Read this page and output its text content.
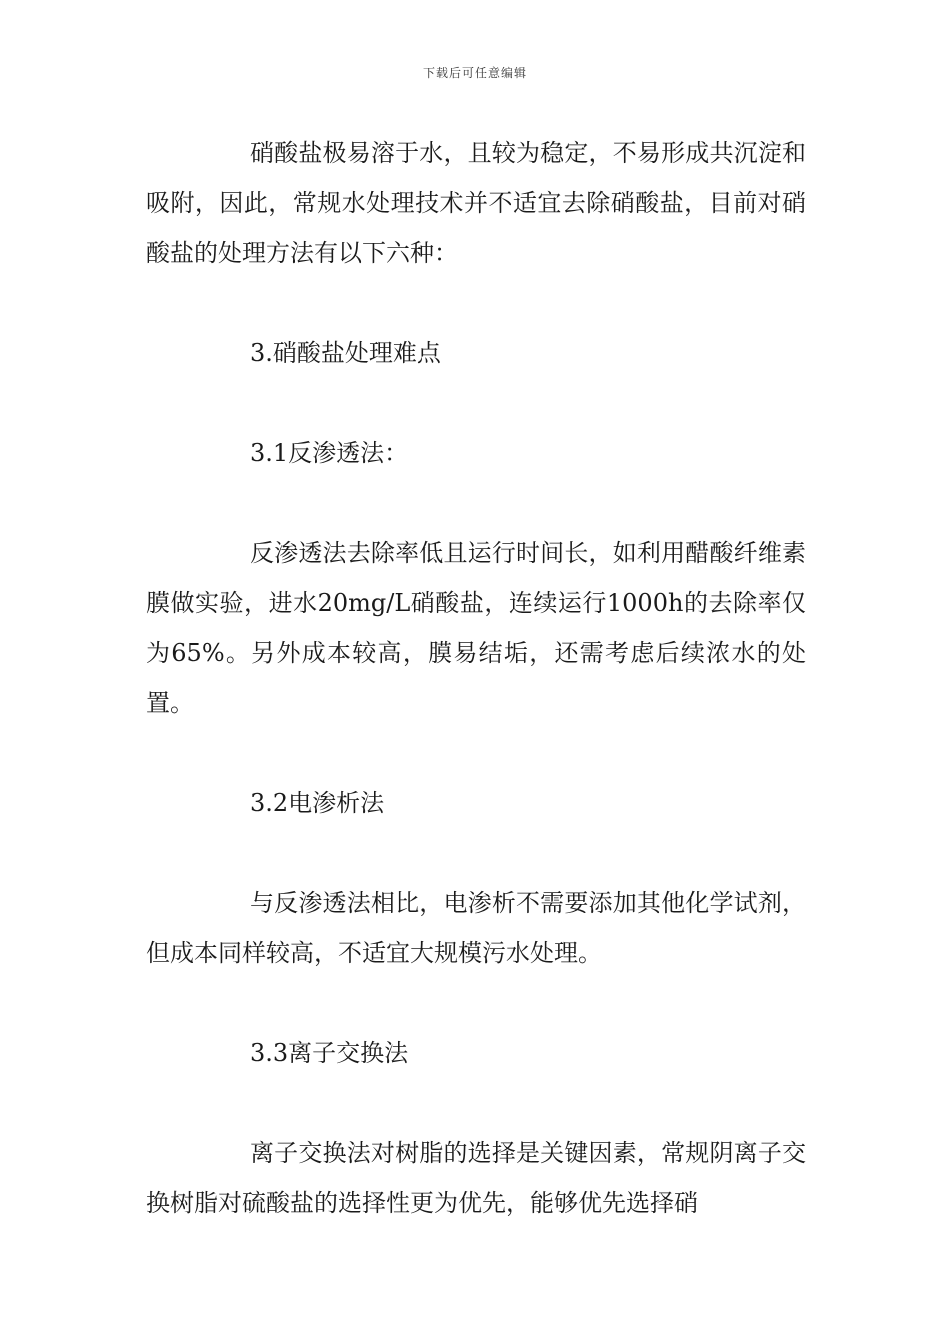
下载后可任意编辑

硝酸盐极易溶于水，且较为稳定，不易形成共沉淀和吸附，因此，常规水处理技术并不适宜去除硝酸盐，目前对硝酸盐的处理方法有以下六种：

3.硝酸盐处理难点

3.1反渗透法：

反渗透法去除率低且运行时间长，如利用醋酸纤维素膜做实验，进水20mg/L硝酸盐，连续运行1000h的去除率仅为65%。另外成本较高，膜易结垢，还需考虑后续浓水的处置。

3.2电渗析法

与反渗透法相比，电渗析不需要添加其他化学试剂，但成本同样较高，不适宜大规模污水处理。

3.3离子交换法

离子交换法对树脂的选择是关键因素，常规阴离子交换树脂对硫酸盐的选择性更为优先，能够优先选择硝
